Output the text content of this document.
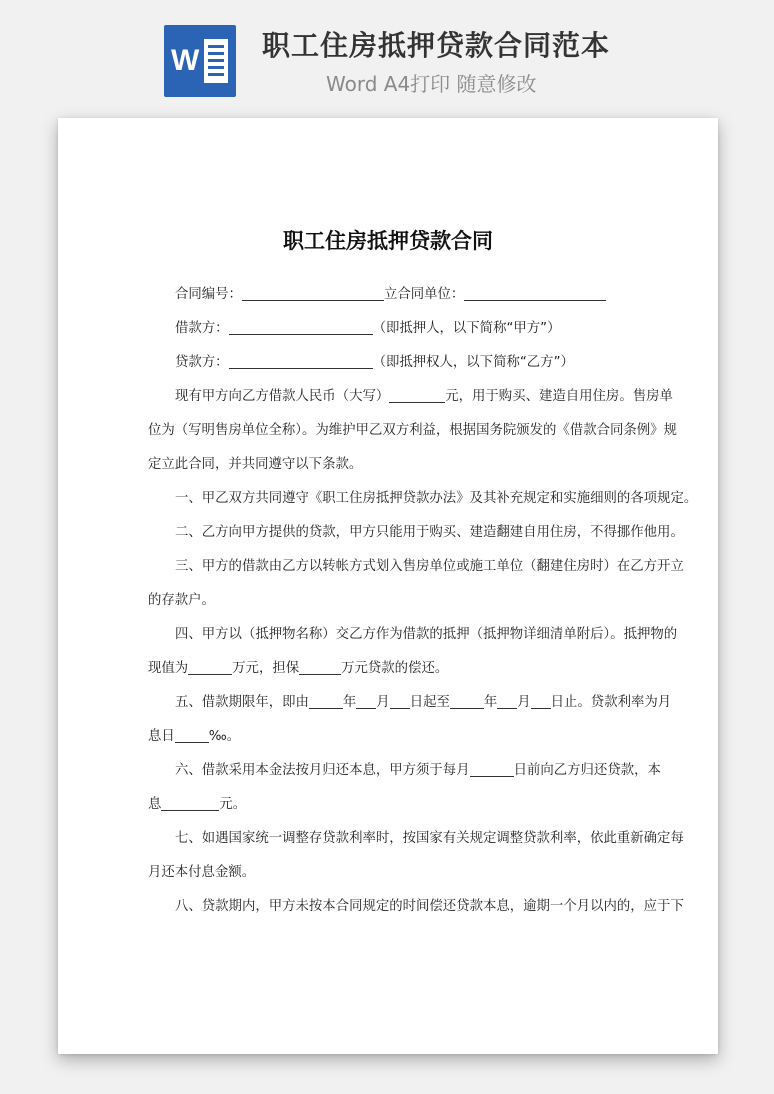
W 职工住房抵押贷款合同范本
Word A4打印 随意修改
职工住房抵押贷款合同

合同编号：	立合同单位：

借款方：	（即抵押人，以下简称“甲方”）

贷款方：	（即抵押权人，以下简称“乙方”）

现有甲方向乙方借款人民币（大写）	元，用于购买、建造自用住房。售房单

位为（写明售房单位全称）。为维护甲乙双方利益，根据国务院颁发的《借款合同条例》规

定立此合同，并共同遵守以下条款。

一、甲乙双方共同遵守《职工住房抵押贷款办法》及其补充规定和实施细则的各项规定。

二、乙方向甲方提供的贷款，甲方只能用于购买、建造翻建自用住房，不得挪作他用。

三、甲方的借款由乙方以转帐方式划入售房单位或施工单位（翻建住房时）在乙方开立

的存款户。

四、甲方以（抵押物名称）交乙方作为借款的抵押（抵押物详细清单附后）。抵押物的

现值为	万元，担保	万元贷款的偿还。

五、借款期限年，即由	年 月 日起至	年 月 日止。贷款利率为月

息日	‰。

六、借款采用本金法按月归还本息，甲方须于每月	日前向乙方归还贷款，本

息	元。

七、如遇国家统一调整存贷款利率时，按国家有关规定调整贷款利率，依此重新确定每

月还本付息金额。

八、贷款期内，甲方未按本合同规定的时间偿还贷款本息，逾期一个月以内的，应于下
